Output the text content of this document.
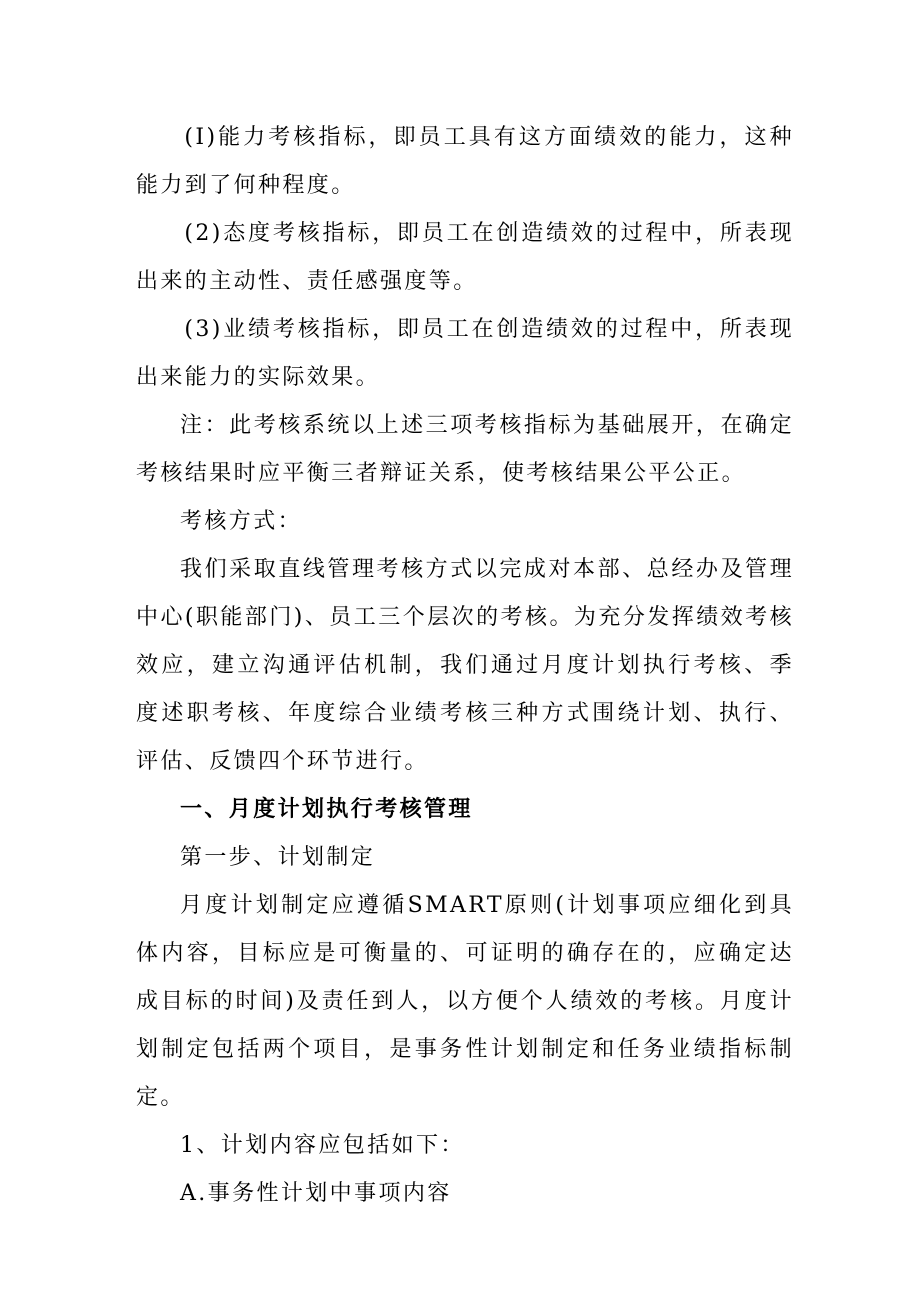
(I)能力考核指标，即员工具有这方面绩效的能力，这种能力到了何种程度。

(2)态度考核指标，即员工在创造绩效的过程中，所表现出来的主动性、责任感强度等。

(3)业绩考核指标，即员工在创造绩效的过程中，所表现出来能力的实际效果。

注：此考核系统以上述三项考核指标为基础展开，在确定考核结果时应平衡三者辩证关系，使考核结果公平公正。

考核方式：

我们采取直线管理考核方式以完成对本部、总经办及管理中心(职能部门)、员工三个层次的考核。为充分发挥绩效考核效应，建立沟通评估机制，我们通过月度计划执行考核、季度述职考核、年度综合业绩考核三种方式围绕计划、执行、评估、反馈四个环节进行。

一、月度计划执行考核管理

第一步、计划制定

月度计划制定应遵循SMART原则(计划事项应细化到具体内容，目标应是可衡量的、可证明的确存在的，应确定达成目标的时间)及责任到人，以方便个人绩效的考核。月度计划制定包括两个项目，是事务性计划制定和任务业绩指标制定。

1、计划内容应包括如下：

A.事务性计划中事项内容
